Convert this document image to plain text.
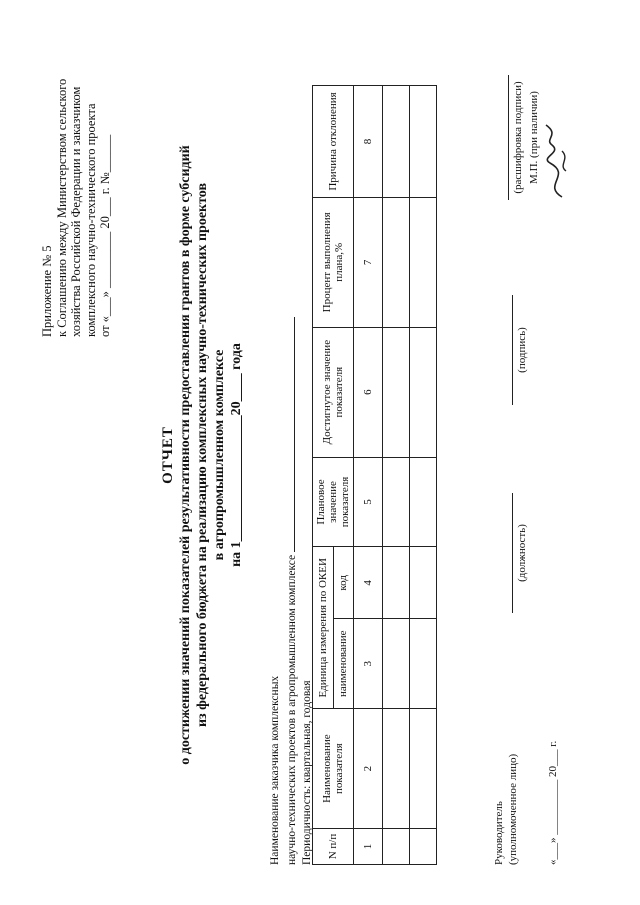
Приложение № 5 к Соглашению между Министерством сельского хозяйства Российской Федерации и заказчиком комплексного научно-технического проекта от «___» _________ 20___ г. №______
ОТЧЕТ о достижении значений показателей результативности предоставления грантов в форме субсидий из федерального бюджета на реализацию комплексных научно-технических проектов в агропромышленном комплексе на 1__________________20____ года
Наименование заказчика комплексных научно-технических проектов в агропромышленном комплексе Периодичность: квартальная, годовая N п/п	Наименование показателя	Единица измерения по ОКЕИ		Плановое значение показателя	Достигнутое значение показателя	Процент выполнения плана,%	Причина отклонения
		наименование	код				
1	2	3	4	5	6	7	8

Руководитель (уполномоченное лицо)
(должность)
(подпись)
(расшифровка подписи) М.П. (при наличии)
«___» __________ 20___ г.
